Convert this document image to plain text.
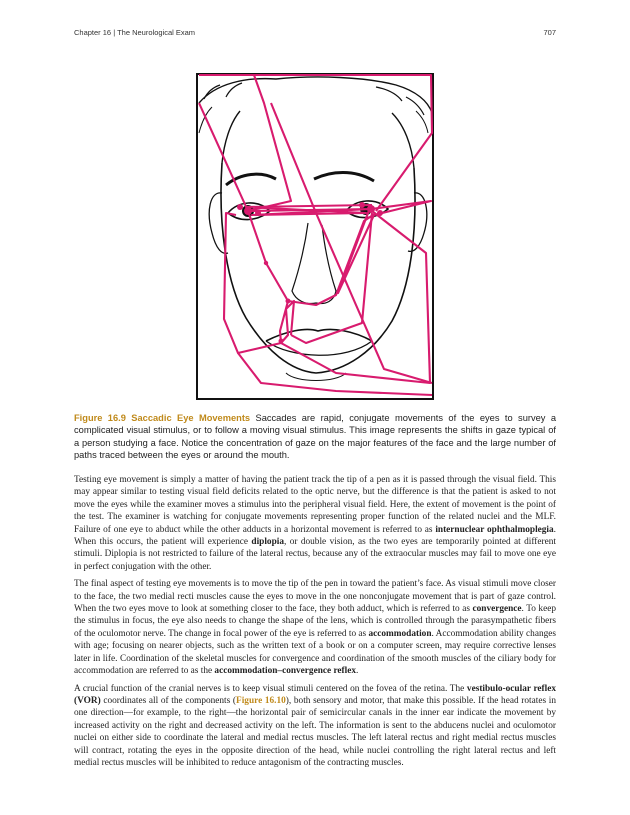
Chapter 16 | The Neurological Exam	707
Figure 16.9 Saccadic Eye Movements Saccades are rapid, conjugate movements of the eyes to survey a complicated visual stimulus, or to follow a moving visual stimulus. This image represents the shifts in gaze typical of a person studying a face. Notice the concentration of gaze on the major features of the face and the large number of paths traced between the eyes or around the mouth.

Testing eye movement is simply a matter of having the patient track the tip of a pen as it is passed through the visual field. This may appear similar to testing visual field deficits related to the optic nerve, but the difference is that the patient is asked to not move the eyes while the examiner moves a stimulus into the peripheral visual field. Here, the extent of movement is the point of the test. The examiner is watching for conjugate movements representing proper function of the related nuclei and the MLF. Failure of one eye to abduct while the other adducts in a horizontal movement is referred to as internuclear ophthalmoplegia. When this occurs, the patient will experience diplopia, or double vision, as the two eyes are temporarily pointed at different stimuli. Diplopia is not restricted to failure of the lateral rectus, because any of the extraocular muscles may fail to move one eye in perfect conjugation with the other.

The final aspect of testing eye movements is to move the tip of the pen in toward the patient’s face. As visual stimuli move closer to the face, the two medial recti muscles cause the eyes to move in the one nonconjugate movement that is part of gaze control. When the two eyes move to look at something closer to the face, they both adduct, which is referred to as convergence. To keep the stimulus in focus, the eye also needs to change the shape of the lens, which is controlled through the parasympathetic fibers of the oculomotor nerve. The change in focal power of the eye is referred to as accommodation. Accommodation ability changes with age; focusing on nearer objects, such as the written text of a book or on a computer screen, may require corrective lenses later in life. Coordination of the skeletal muscles for convergence and coordination of the smooth muscles of the ciliary body for accommodation are referred to as the accommodation–convergence reflex.

A crucial function of the cranial nerves is to keep visual stimuli centered on the fovea of the retina. The vestibulo-ocular reflex (VOR) coordinates all of the components (Figure 16.10), both sensory and motor, that make this possible. If the head rotates in one direction—for example, to the right—the horizontal pair of semicircular canals in the inner ear indicate the movement by increased activity on the right and decreased activity on the left. The information is sent to the abducens nuclei and oculomotor nuclei on either side to coordinate the lateral and medial rectus muscles. The left lateral rectus and right medial rectus muscles will contract, rotating the eyes in the opposite direction of the head, while nuclei controlling the right lateral rectus and left medial rectus muscles will be inhibited to reduce antagonism of the contracting muscles.
